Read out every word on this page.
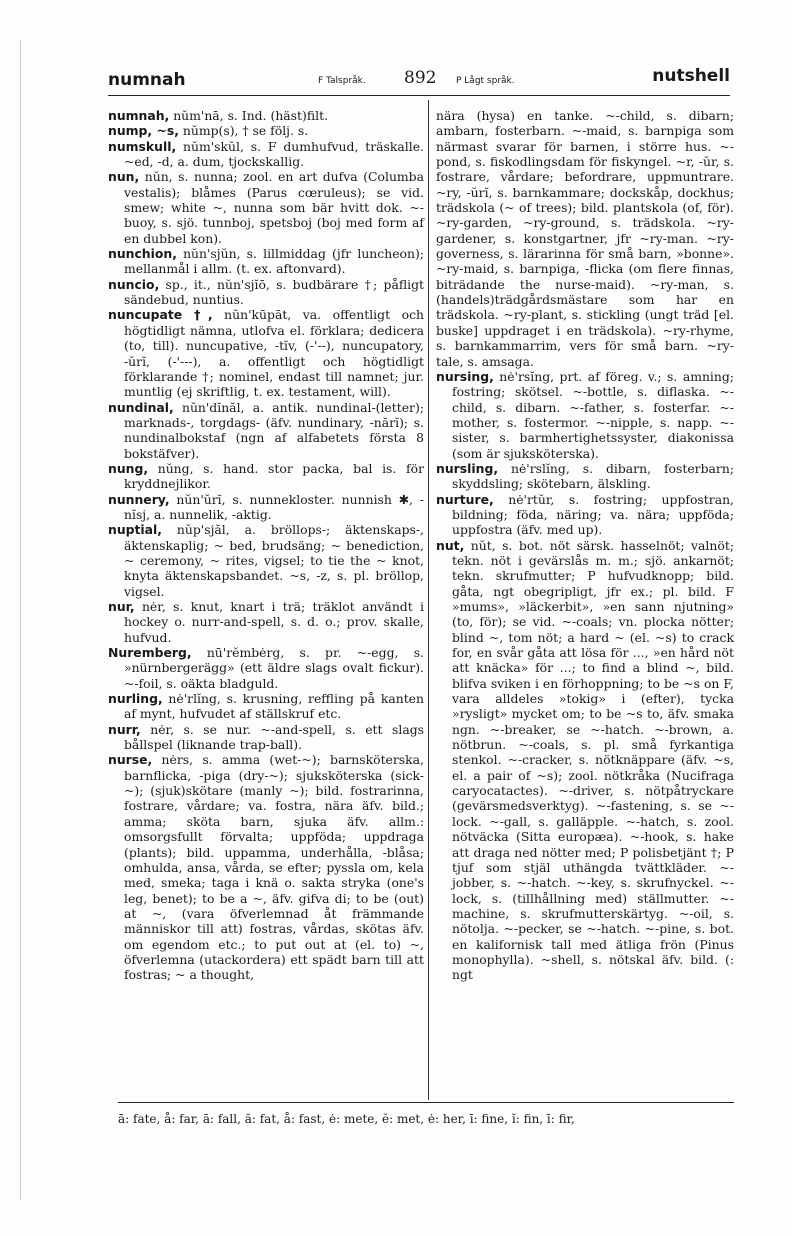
numnah	F Talspråk. 892 P Lågt språk.	nutshell

numnah, nŭm'nā, s. Ind. (häst)filt.

nump, ~s, nŭmp(s), † se följ. s.

numskull, nŭm'skŭl, s. F dumhufvud, träskalle. ~ed, -d, a. dum, tjockskallig.

nun, nŭn, s. nunna; zool. en art dufva (Columba vestalis); blåmes (Parus cœruleus); se vid. smew; white ~, nunna som bär hvitt dok. ~-buoy, s. sjö. tunnboj, spetsboj (boj med form af en dubbel kon).

nunchion, nŭn'sjŭn, s. lillmiddag (jfr luncheon); mellanmål i allm. (t. ex. aftonvard).

nuncio, sp., it., nŭn'sjĭō, s. budbärare †; påfligt sändebud, nuntius.

nuncupate †, nŭn'kūpāt, va. offentligt och högtidligt nämna, utlofva el. förklara; dedicera (to, till). nuncupative, -tĭv, (-'--), nuncupatory, -ŭrĭ, (-'---), a. offentligt och högtidligt förklarande †; nominel, endast till namnet; jur. muntlig (ej skriftlig, t. ex. testament, will).

nundinal, nŭn'dĭnăl, a. antik. nundinal-(letter); marknads-, torgdags- (äfv. nundinary, -nărĭ); s. nundinalbokstaf (ngn af alfabetets första 8 bokstäfver).

nung, nŭng, s. hand. stor packa, bal is. för kryddnejlikor.

nunnery, nŭn'ŭrĭ, s. nunnekloster. nunnish ✱, -nĭsj, a. nunnelik, -aktig.

nuptial, nŭp'sjăl, a. bröllops-; äktenskaps-, äktenskaplig; ~ bed, brudsäng; ~ benediction, ~ ceremony, ~ rites, vigsel; to tie the ~ knot, knyta äktenskapsbandet. ~s, -z, s. pl. bröllop, vigsel.

nur, nėr, s. knut, knart i trä; träklot användt i hockey o. nurr-and-spell, s. d. o.; prov. skalle, hufvud.

Nuremberg, nū'rĕmbėrg, s. pr. ~-egg, s. »nürnbergerägg» (ett äldre slags ovalt fickur). ~-foil, s. oäkta bladguld.

nurling, nė'rlĭng, s. krusning, reffling på kanten af mynt, hufvudet af ställskruf etc.

nurr, nėr, s. se nur. ~-and-spell, s. ett slags bållspel (liknande trap-ball).

nurse, nėrs, s. amma (wet-~); barnsköterska, barnflicka, -piga (dry-~); sjuksköterska (sick-~); (sjuk)skötare (manly ~); bild. fostrarinna, fostrare, vårdare; va. fostra, nära äfv. bild.; amma; sköta barn, sjuka äfv. allm.: omsorgsfullt förvalta; uppföda; uppdraga (plants); bild. uppamma, underhålla, -blåsa; omhulda, ansa, vårda, se efter; pyssla om, kela med, smeka; taga i knä o. sakta stryka (one's leg, benet); to be a ~, äfv. gifva di; to be (out) at ~, (vara öfverlemnad åt främmande människor till att) fostras, vårdas, skötas äfv. om egendom etc.; to put out at (el. to) ~, öfverlemna (utackordera) ett spädt barn till att fostras; ~ a thought,

nära (hysa) en tanke. ~-child, s. dibarn; ambarn, fosterbarn. ~-maid, s. barnpiga som närmast svarar för barnen, i större hus. ~-pond, s. fiskodlingsdam för fiskyngel. ~r, -ŭr, s. fostrare, vårdare; befordrare, uppmuntrare. ~ry, -ŭrĭ, s. barnkammare; dockskåp, dockhus; trädskola (~ of trees); bild. plantskola (of, för). ~ry-garden, ~ry-ground, s. trädskola. ~ry-gardener, s. konstgartner, jfr ~ry-man. ~ry-governess, s. lärarinna för små barn, »bonne». ~ry-maid, s. barnpiga, -flicka (om flere finnas, biträdande the nurse-maid). ~ry-man, s. (handels)trädgårdsmästare som har en trädskola. ~ry-plant, s. stickling (ungt träd [el. buske] uppdraget i en trädskola). ~ry-rhyme, s. barnkammarrim, vers för små barn. ~ry-tale, s. amsaga.

nursing, nė'rsĭng, prt. af föreg. v.; s. amning; fostring; skötsel. ~-bottle, s. diflaska. ~-child, s. dibarn. ~-father, s. fosterfar. ~-mother, s. fostermor. ~-nipple, s. napp. ~-sister, s. barmhertighetssyster, diakonissa (som är sjuksköterska).

nursling, nė'rslĭng, s. dibarn, fosterbarn; skyddsling; skötebarn, älskling.

nurture, nė'rtŭr, s. fostring; uppfostran, bildning; föda, näring; va. nära; uppföda; uppfostra (äfv. med up).

nut, nŭt, s. bot. nöt särsk. hasselnöt; valnöt; tekn. nöt i gevärslås m. m.; sjö. ankarnöt; tekn. skrufmutter; P hufvudknopp; bild. gåta, ngt obegripligt, jfr ex.; pl. bild. F »mums», »läckerbit», »en sann njutning» (to, för); se vid. ~-coals; vn. plocka nötter; blind ~, tom nöt; a hard ~ (el. ~s) to crack for, en svår gåta att lösa för ..., »en hård nöt att knäcka» för ...; to find a blind ~, bild. blifva sviken i en förhoppning; to be ~s on F, vara alldeles »tokig» i (efter), tycka »rysligt» mycket om; to be ~s to, äfv. smaka ngn. ~-breaker, se ~-hatch. ~-brown, a. nötbrun. ~-coals, s. pl. små fyrkantiga stenkol. ~-cracker, s. nötknäppare (äfv. ~s, el. a pair of ~s); zool. nötkråka (Nucifraga caryocatactes). ~-driver, s. nötpåtryckare (gevärsmedsverktyg). ~-fastening, s. se ~-lock. ~-gall, s. galläpple. ~-hatch, s. zool. nötväcka (Sitta europæa). ~-hook, s. hake att draga ned nötter med; P polisbetjänt †; P tjuf som stjäl uthängda tvättkläder. ~-jobber, s. ~-hatch. ~-key, s. skrufnyckel. ~-lock, s. (tillhållning med) ställmutter. ~-machine, s. skrufmutterskärtyg. ~-oil, s. nötolja. ~-pecker, se ~-hatch. ~-pine, s. bot. en kalifornisk tall med ätliga frön (Pinus monophylla). ~shell, s. nötskal äfv. bild. (: ngt

ā: fate, å: far, ā: fall, ă: fat, å: fast, ė: mete, ĕ: met, ė: her, ī: fine, ĭ: fin, ī: fir,
